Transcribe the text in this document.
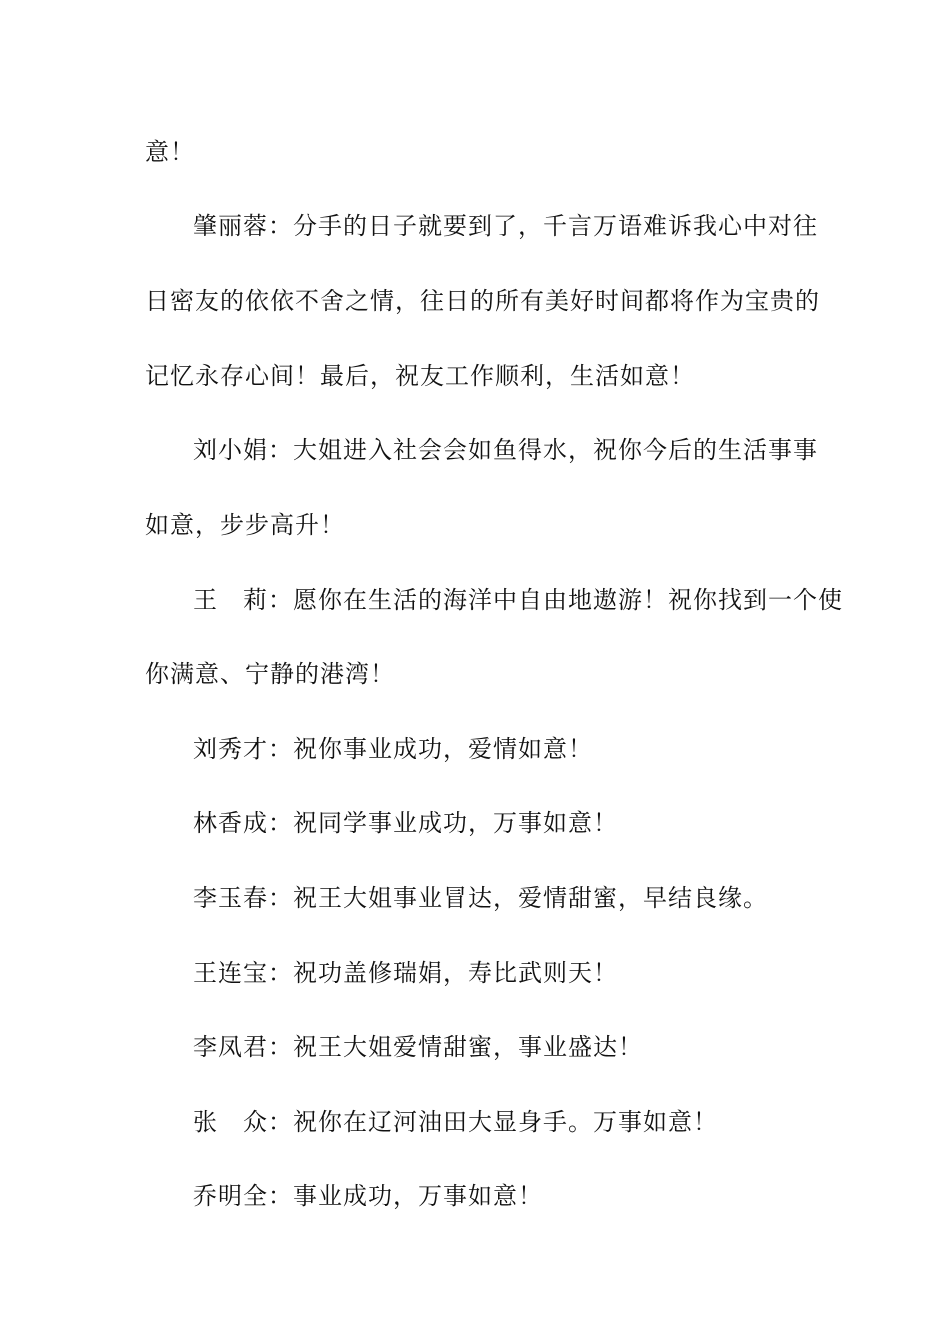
意！
肇丽蓉：分手的日子就要到了，千言万语难诉我心中对往
日密友的依依不舍之情，往日的所有美好时间都将作为宝贵的
记忆永存心间！最后，祝友工作顺利，生活如意！
刘小娟：大姐进入社会会如鱼得水，祝你今后的生活事事
如意，步步高升！
王　莉：愿你在生活的海洋中自由地遨游！祝你找到一个使
你满意、宁静的港湾！
刘秀才：祝你事业成功，爱情如意！
林香成：祝同学事业成功，万事如意！
李玉春：祝王大姐事业冒达，爱情甜蜜，早结良缘。
王连宝：祝功盖修瑞娟，寿比武则天！
李凤君：祝王大姐爱情甜蜜，事业盛达！
张　众：祝你在辽河油田大显身手。万事如意！
乔明全：事业成功，万事如意！
